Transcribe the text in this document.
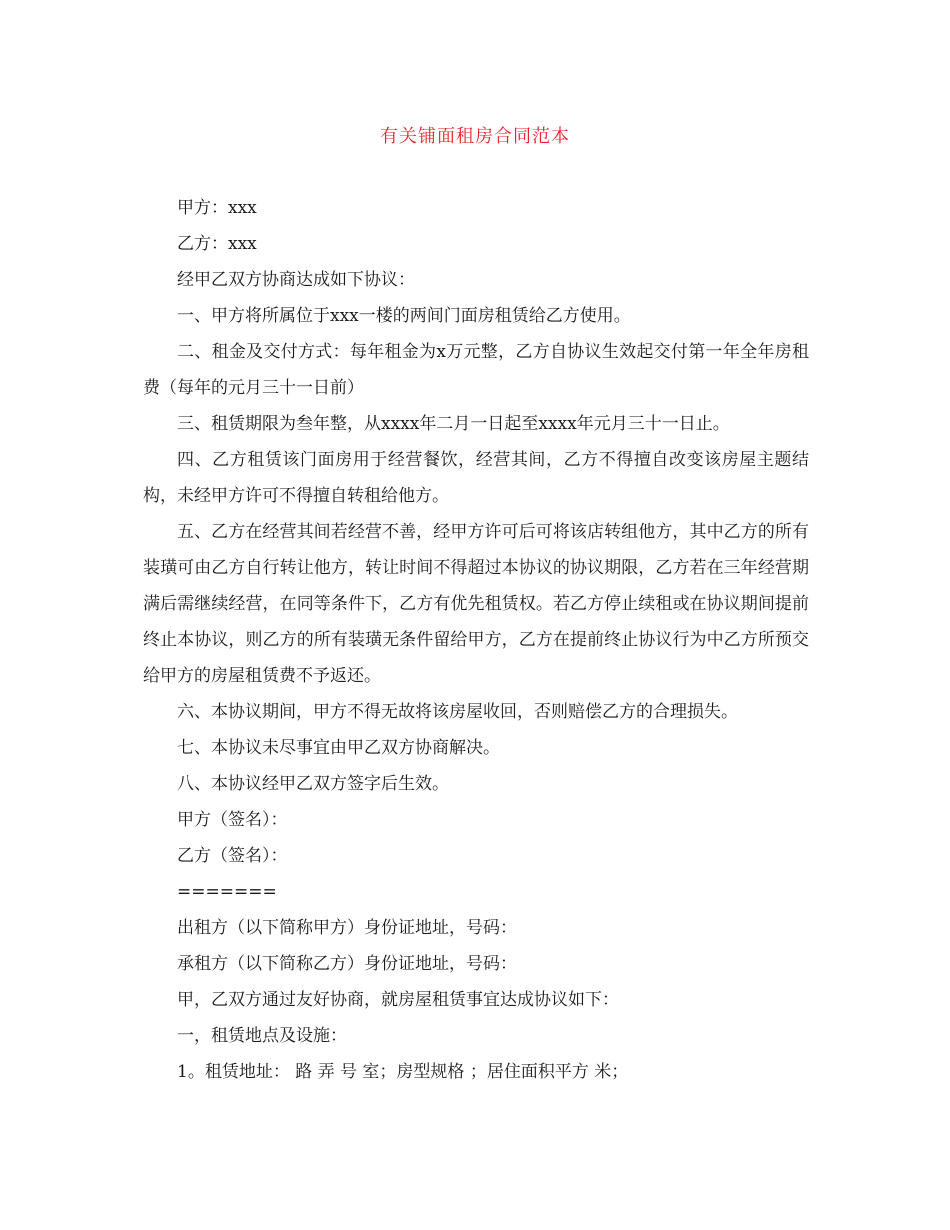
有关铺面租房合同范本

甲方：xxx

乙方：xxx

经甲乙双方协商达成如下协议：

一、甲方将所属位于xxx一楼的两间门面房租赁给乙方使用。

二、租金及交付方式：每年租金为x万元整，乙方自协议生效起交付第一年全年房租费（每年的元月三十一日前）

三、租赁期限为叁年整，从xxxx年二月一日起至xxxx年元月三十一日止。

四、乙方租赁该门面房用于经营餐饮，经营其间，乙方不得擅自改变该房屋主题结构，未经甲方许可不得擅自转租给他方。

五、乙方在经营其间若经营不善，经甲方许可后可将该店转组他方，其中乙方的所有装璜可由乙方自行转让他方，转让时间不得超过本协议的协议期限，乙方若在三年经营期满后需继续经营，在同等条件下，乙方有优先租赁权。若乙方停止续租或在协议期间提前终止本协议，则乙方的所有装璜无条件留给甲方，乙方在提前终止协议行为中乙方所预交给甲方的房屋租赁费不予返还。

六、本协议期间，甲方不得无故将该房屋收回，否则赔偿乙方的合理损失。

七、本协议未尽事宜由甲乙双方协商解决。

八、本协议经甲乙双方签字后生效。

甲方（签名）：

乙方（签名）：

=======

出租方（以下简称甲方）身份证地址，号码：

承租方（以下简称乙方）身份证地址，号码：

甲，乙双方通过友好协商，就房屋租赁事宜达成协议如下：

一，租赁地点及设施：

1。租赁地址： 路 弄 号 室；房型规格 ；居住面积平方 米；
